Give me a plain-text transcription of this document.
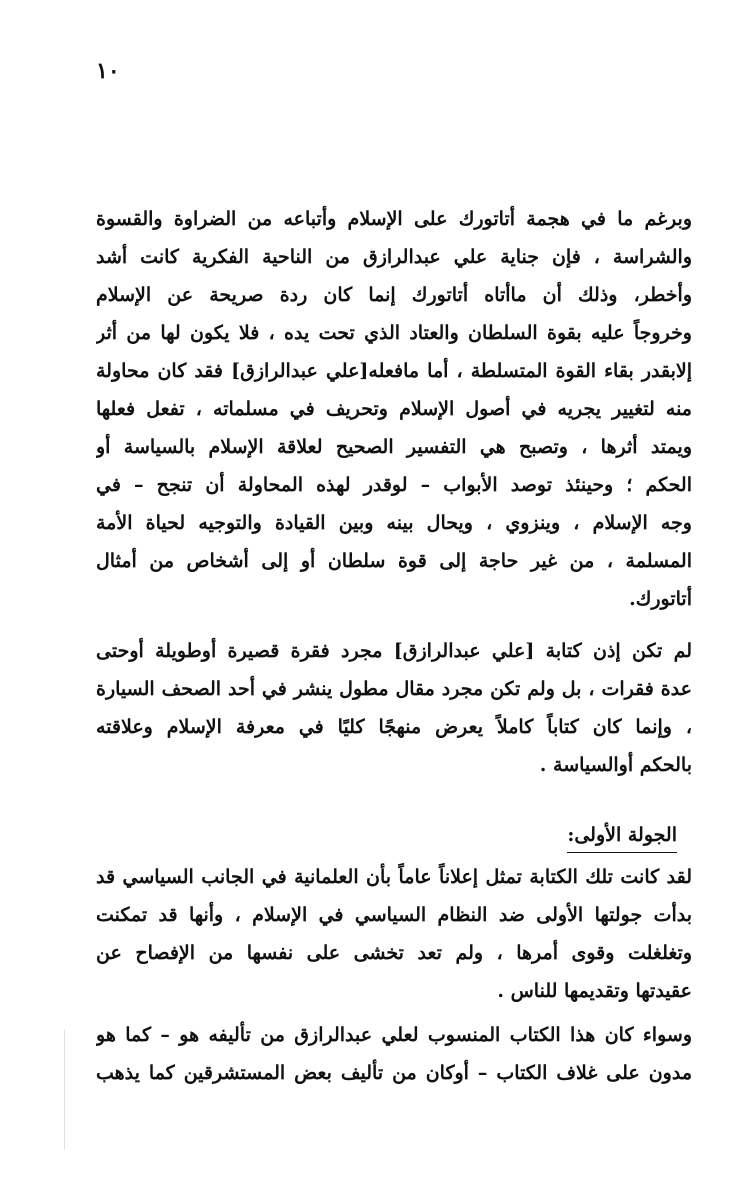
١٠
وبرغم ما في هجمة أتاتورك على الإسلام وأتباعه من الضراوة والقسوة
والشراسة ، فإن جناية علي عبدالرازق من الناحية الفكرية كانت أشد
وأخطر، وذلك أن ماأتاه أتاتورك إنما كان ردة صريحة عن الإسلام
وخروجاً عليه بقوة السلطان والعتاد الذي تحت يده ، فلا يكون لها من أثر
إلابقدر بقاء القوة المتسلطة ، أما مافعله[علي عبدالرازق] فقد كان محاولة
منه لتغيير يجريه في أصول الإسلام وتحريف في مسلماته ، تفعل فعلها
ويمتد أثرها ، وتصبح هي التفسير الصحيح لعلاقة الإسلام بالسياسة أو
الحكم ؛ وحينئذ توصد الأبواب – لوقدر لهذه المحاولة أن تنجح – في
وجه الإسلام ، وينزوي ، ويحال بينه وبين القيادة والتوجيه لحياة الأمة
المسلمة ، من غير حاجة إلى قوة سلطان أو إلى أشخاص من أمثال
أتاتورك.
لم تكن إذن كتابة [علي عبدالرازق] مجرد فقرة قصيرة أوطويلة أوحتى
عدة فقرات ، بل ولم تكن مجرد مقال مطول ينشر في أحد الصحف السيارة
، وإنما كان كتاباً كاملاً يعرض منهجًا كليًا في معرفة الإسلام وعلاقته
بالحكم أوالسياسة .
الجولة الأولى:
لقد كانت تلك الكتابة تمثل إعلاناً عاماً بأن العلمانية في الجانب السياسي قد
بدأت جولتها الأولى ضد النظام السياسي في الإسلام ، وأنها قد تمكنت
وتغلغلت وقوى أمرها ، ولم تعد تخشى على نفسها من الإفصاح عن
عقيدتها وتقديمها للناس .
وسواء كان هذا الكتاب المنسوب لعلي عبدالرازق من تأليفه هو – كما هو
مدون على غلاف الكتاب – أوكان من تأليف بعض المستشرقين كما يذهب
